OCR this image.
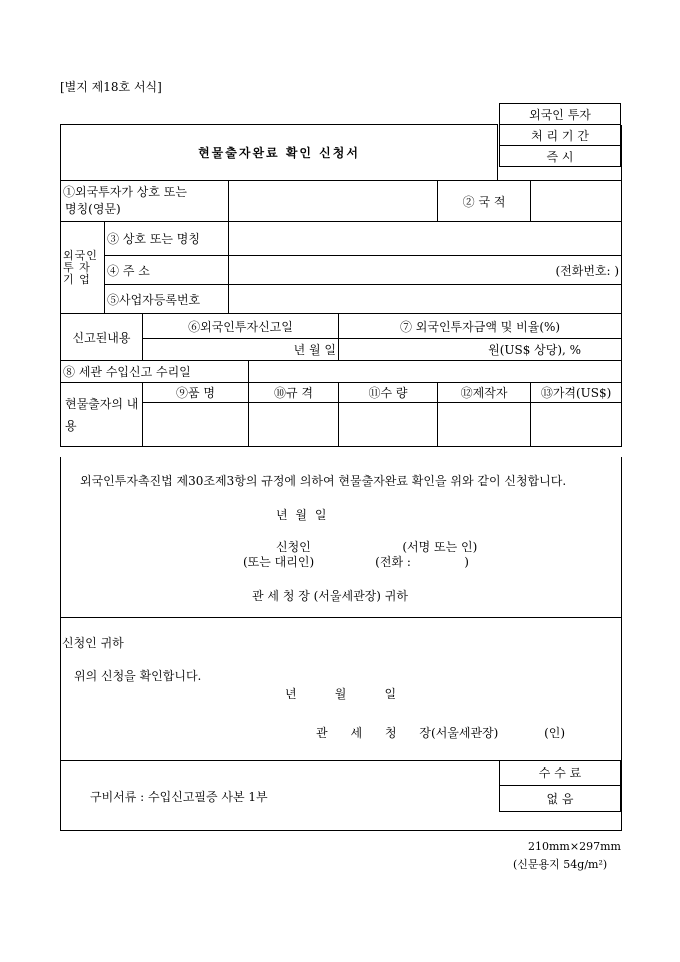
[별지 제18호 서식]
외국인 투자
처 리 기 간
즉 시
현물출자완료 확인 신청서								
①외국투자가 상호 또는
명칭(영문)						② 국 적		
외국인 투 자 기 업	③ 상호 또는 명칭							
	④ 주 소		(전화번호: )					
	⑤사업자등록번호							
신고된내용		⑥외국인투자신고일			⑦ 외국인투자금액 및 비율(%)			
		년 월 일			원(US$ 상당), %			
⑧ 세관 수입신고 수리일								
현물출자의 내 용		⑨품 명		⑩규 격	⑪수 량	⑫제작자		⑬가격(US$)

외국인투자촉진법 제30조제3항의 규정에 의하여 현물출자완료 확인을 위와 같이 신청합니다.
년 월 일
신청인                        (서명 또는 인)
(또는 대리인)                (전화 :              )
관 세 청 장 (서울세관장) 귀하
신청인 귀하
위의 신청을 확인합니다.
년          월          일
관      세      청      장(서울세관장)            (인)
구비서류 : 수입신고필증 사본 1부
수 수 료
없 음
210mm×297mm
(신문용지 54g/m²)
